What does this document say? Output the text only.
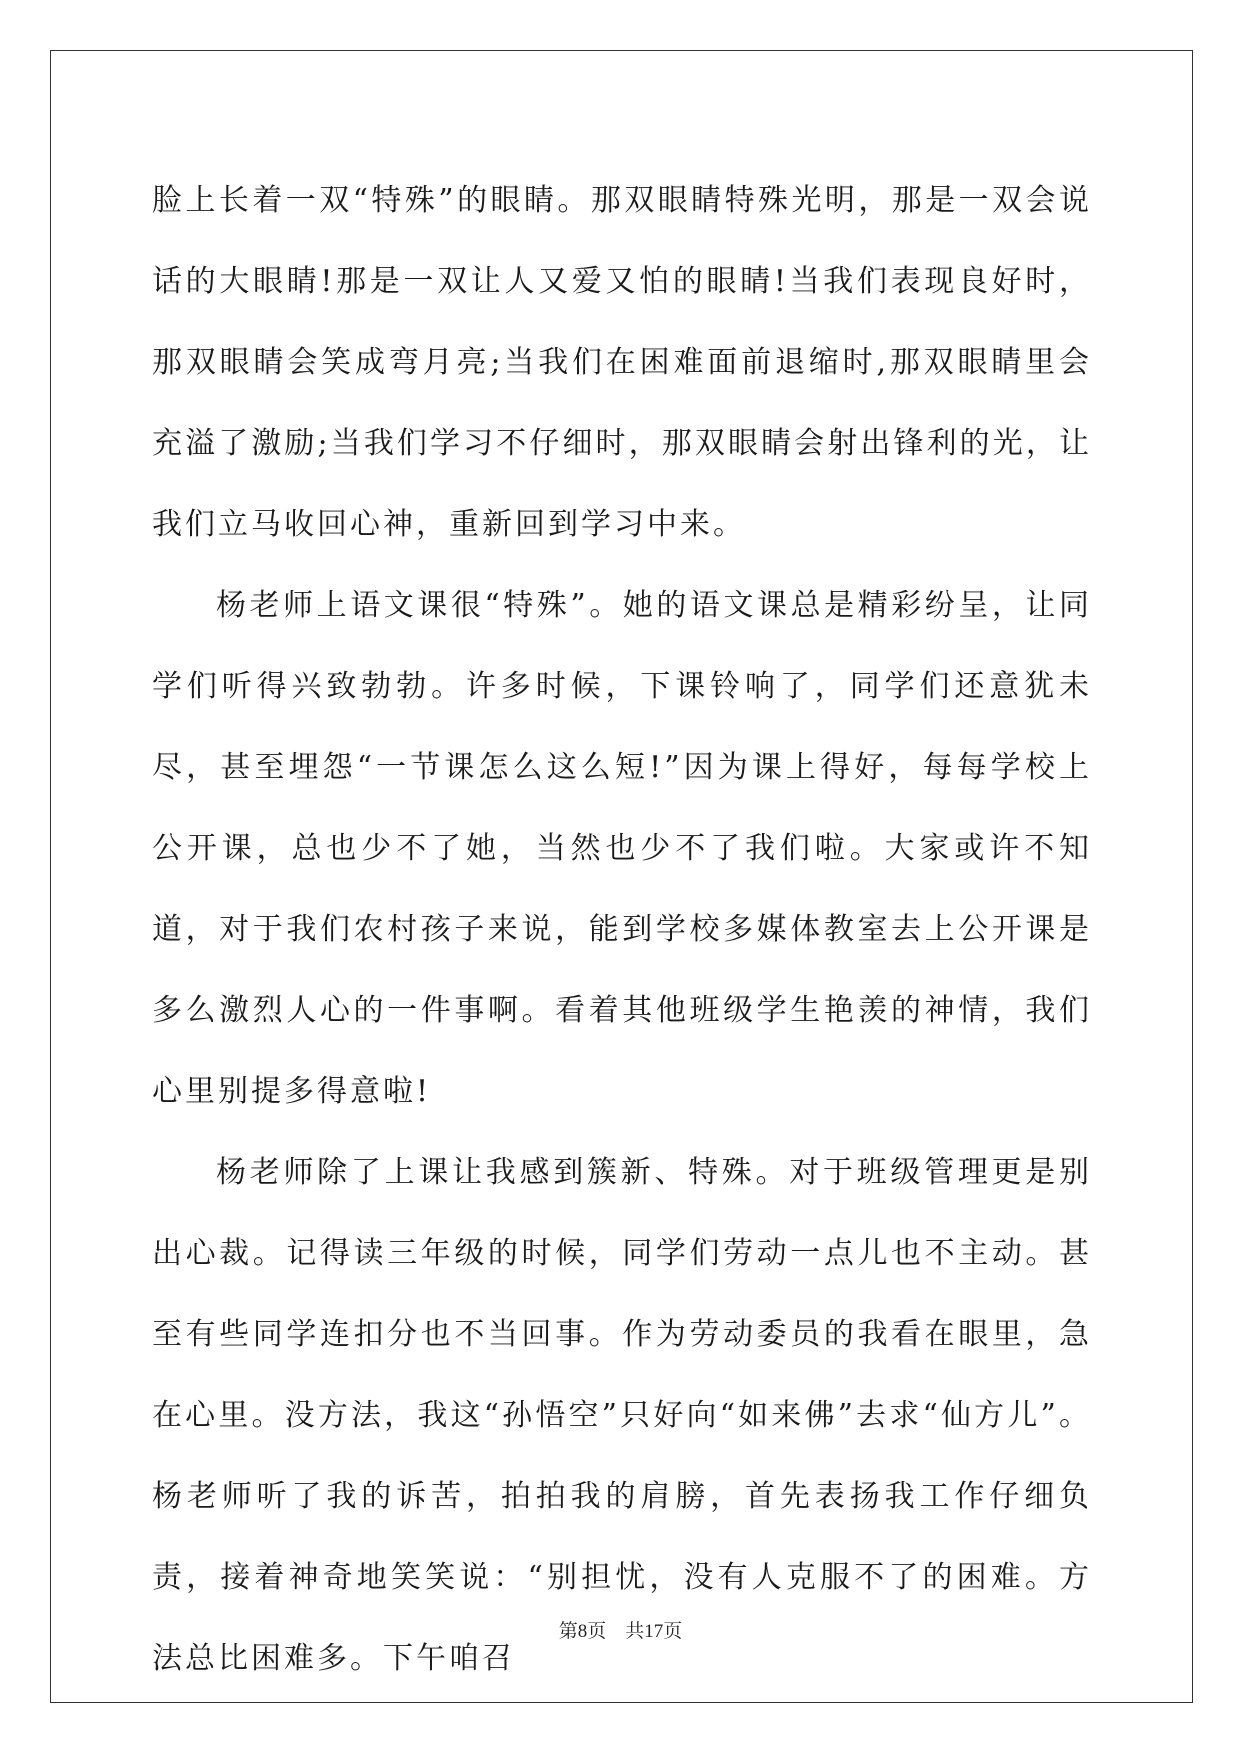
脸上长着一双“特殊”的眼睛。那双眼睛特殊光明，那是一双会说话的大眼睛!那是一双让人又爱又怕的眼睛!当我们表现良好时，那双眼睛会笑成弯月亮;当我们在困难面前退缩时,那双眼睛里会充溢了激励;当我们学习不仔细时，那双眼睛会射出锋利的光，让我们立马收回心神，重新回到学习中来。

杨老师上语文课很“特殊”。她的语文课总是精彩纷呈，让同学们听得兴致勃勃。许多时候，下课铃响了，同学们还意犹未尽，甚至埋怨“一节课怎么这么短!”因为课上得好，每每学校上公开课，总也少不了她，当然也少不了我们啦。大家或许不知道，对于我们农村孩子来说，能到学校多媒体教室去上公开课是多么激烈人心的一件事啊。看着其他班级学生艳羡的神情，我们心里别提多得意啦!

杨老师除了上课让我感到簇新、特殊。对于班级管理更是别出心裁。记得读三年级的时候，同学们劳动一点儿也不主动。甚至有些同学连扣分也不当回事。作为劳动委员的我看在眼里，急在心里。没方法，我这“孙悟空”只好向“如来佛”去求“仙方儿”。杨老师听了我的诉苦，拍拍我的肩膀，首先表扬我工作仔细负责，接着神奇地笑笑说：“别担忧，没有人克服不了的困难。方法总比困难多。下午咱召

第8页　共17页
